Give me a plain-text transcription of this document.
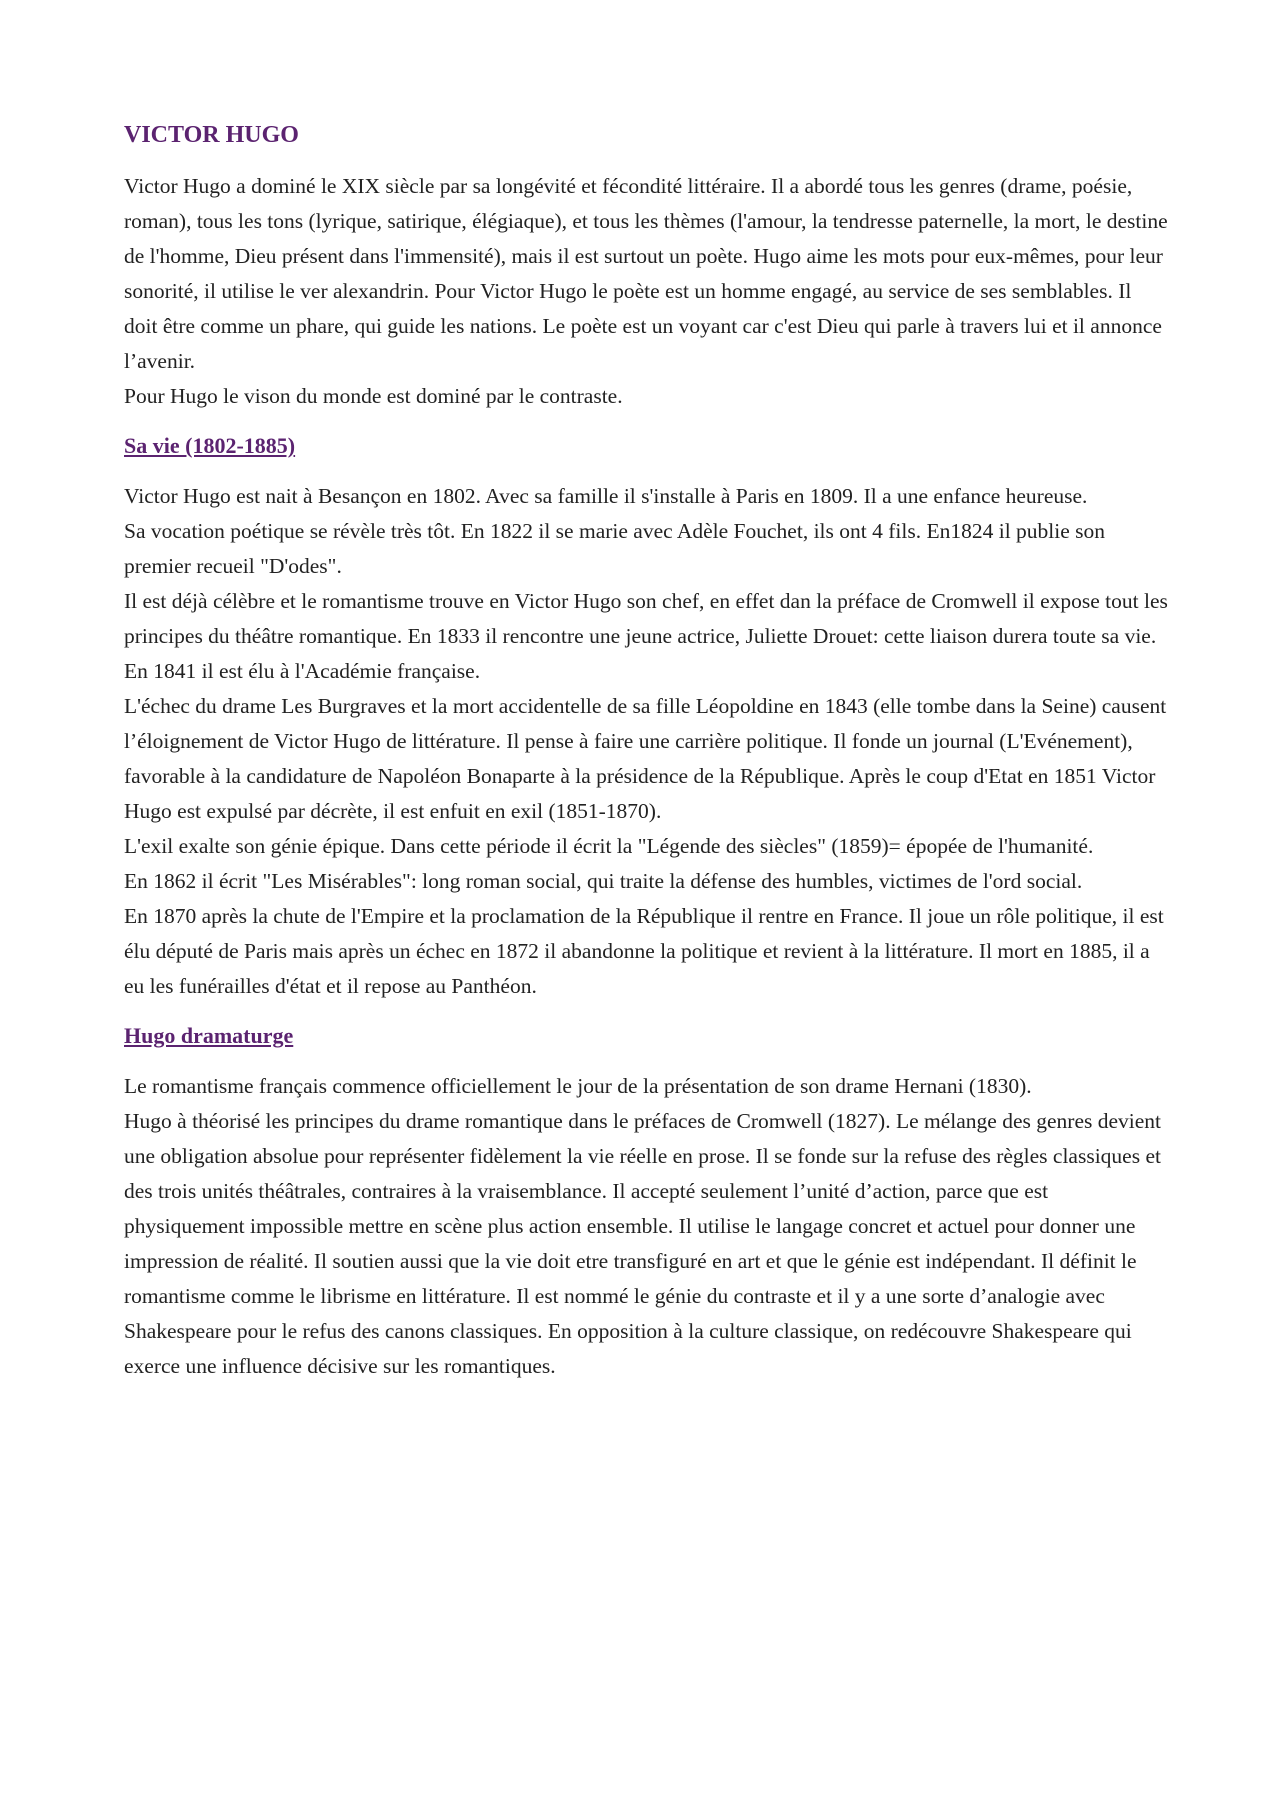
VICTOR HUGO

Victor Hugo a dominé le XIX siècle par sa longévité et fécondité littéraire. Il a abordé tous les genres (drame, poésie, roman), tous les tons (lyrique, satirique, élégiaque), et tous les thèmes (l'amour, la tendresse paternelle, la mort, le destine de l'homme, Dieu présent dans l'immensité), mais il est surtout un poète. Hugo aime les mots pour eux-mêmes, pour leur sonorité, il utilise le ver alexandrin. Pour Victor Hugo le poète est un homme engagé, au service de ses semblables. Il doit être comme un phare, qui guide les nations. Le poète est un voyant car c'est Dieu qui parle à travers lui et il annonce l’avenir.

Pour Hugo le vison du monde est dominé par le contraste.

Sa vie (1802-1885)

Victor Hugo est nait à Besançon en 1802. Avec sa famille il s'installe à Paris en 1809. Il a une enfance heureuse.

Sa vocation poétique se révèle très tôt. En 1822 il se marie avec Adèle Fouchet, ils ont 4 fils. En1824 il publie son premier recueil "D'odes".

Il est déjà célèbre et le romantisme trouve en Victor Hugo son chef, en effet dan la préface de Cromwell il expose tout les principes du théâtre romantique. En 1833 il rencontre une jeune actrice, Juliette Drouet: cette liaison durera toute sa vie. En 1841 il est élu à l'Académie française.

L'échec du drame Les Burgraves et la mort accidentelle de sa fille Léopoldine en 1843 (elle tombe dans la Seine) causent l’éloignement de Victor Hugo de littérature. Il pense à faire une carrière politique. Il fonde un journal (L'Evénement), favorable à la candidature de Napoléon Bonaparte à la présidence de la République. Après le coup d'Etat en 1851 Victor Hugo est expulsé par décrète, il est enfuit en exil (1851-1870).

L'exil exalte son génie épique. Dans cette période il écrit la "Légende des siècles" (1859)= épopée de l'humanité.

En 1862 il écrit "Les Misérables": long roman social, qui traite la défense des humbles, victimes de l'ord social.

En 1870 après la chute de l'Empire et la proclamation de la République il rentre en France. Il joue un rôle politique, il est élu député de Paris mais après un échec en 1872 il abandonne la politique et revient à la littérature. Il mort en 1885, il a eu les funérailles d'état et il repose au Panthéon.

Hugo dramaturge

Le romantisme français commence officiellement le jour de la présentation de son drame Hernani (1830).

Hugo à théorisé les principes du drame romantique dans le préfaces de Cromwell (1827). Le mélange des genres devient une obligation absolue pour représenter fidèlement la vie réelle en prose. Il se fonde sur la refuse des règles classiques et des trois unités théâtrales, contraires à la vraisemblance. Il accepté seulement l’unité d’action, parce que est physiquement impossible mettre en scène plus action ensemble. Il utilise le langage concret et actuel pour donner une impression de réalité. Il soutien aussi que la vie doit etre transfiguré en art et que le génie est indépendant. Il définit le romantisme comme le librisme en littérature. Il est nommé le génie du contraste et il y a une sorte d’analogie avec Shakespeare pour le refus des canons classiques. En opposition à la culture classique, on redécouvre Shakespeare qui exerce une influence décisive sur les romantiques.
